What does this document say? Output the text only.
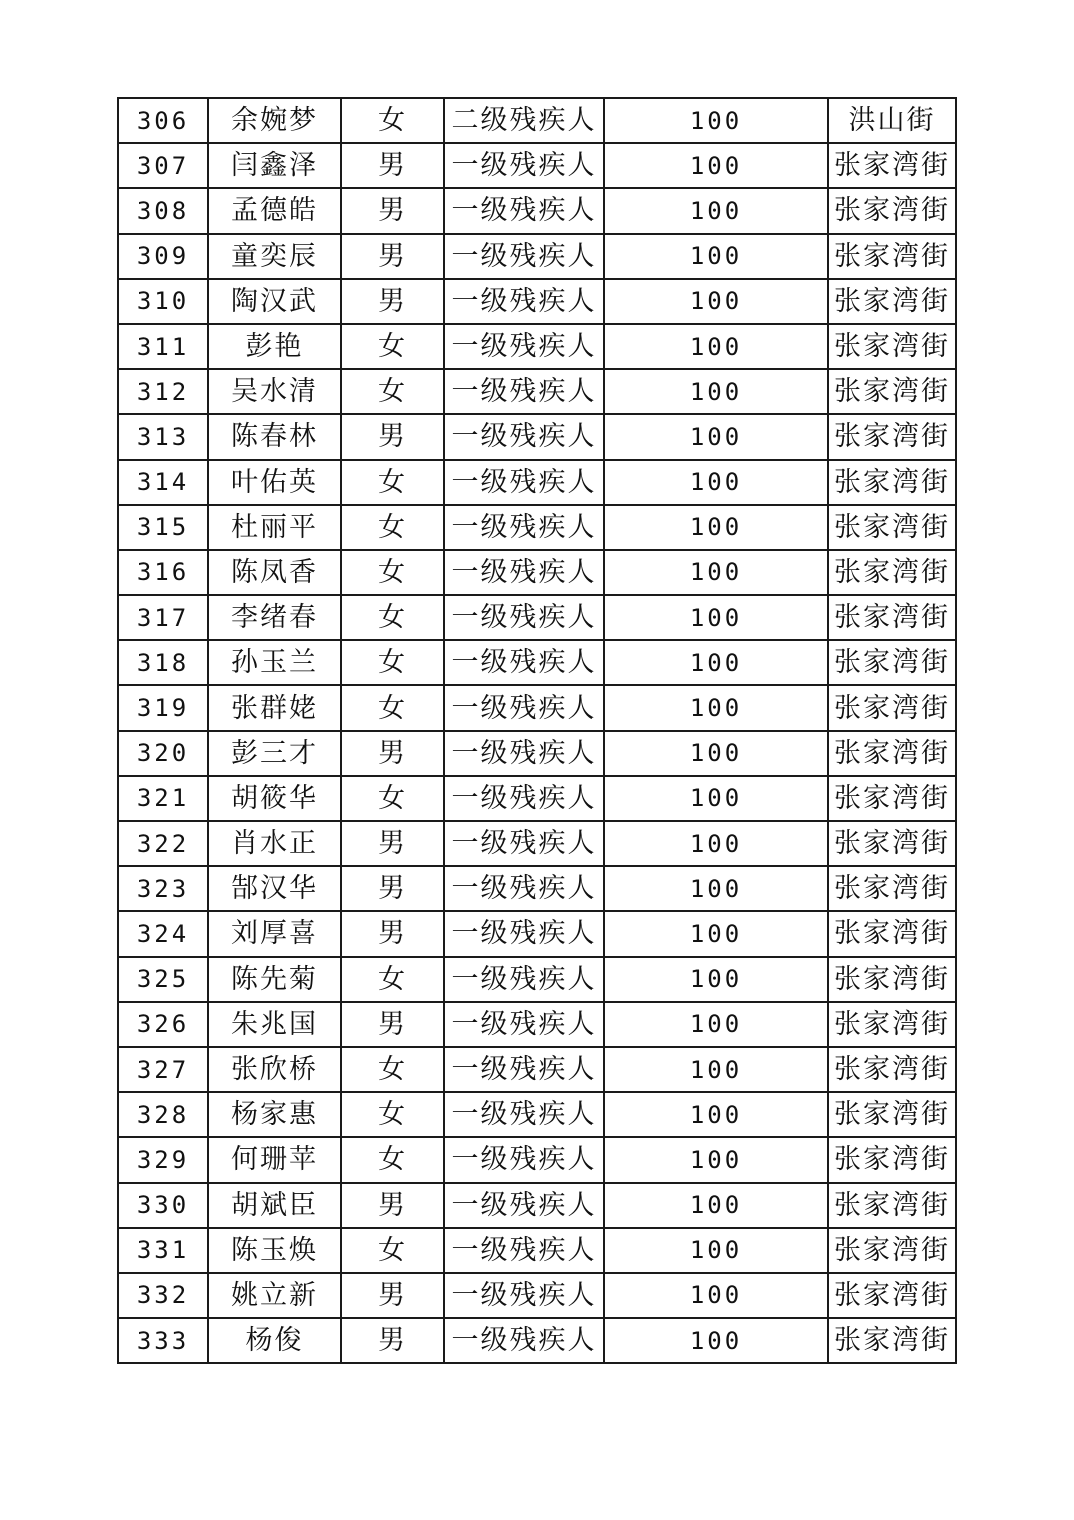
306	余婉梦	女	二级残疾人	100	洪山街
307	闫鑫泽	男	一级残疾人	100	张家湾街
308	孟德皓	男	一级残疾人	100	张家湾街
309	童奕辰	男	一级残疾人	100	张家湾街
310	陶汉武	男	一级残疾人	100	张家湾街
311	彭艳	女	一级残疾人	100	张家湾街
312	吴水清	女	一级残疾人	100	张家湾街
313	陈春林	男	一级残疾人	100	张家湾街
314	叶佑英	女	一级残疾人	100	张家湾街
315	杜丽平	女	一级残疾人	100	张家湾街
316	陈凤香	女	一级残疾人	100	张家湾街
317	李绪春	女	一级残疾人	100	张家湾街
318	孙玉兰	女	一级残疾人	100	张家湾街
319	张群姥	女	一级残疾人	100	张家湾街
320	彭三才	男	一级残疾人	100	张家湾街
321	胡筱华	女	一级残疾人	100	张家湾街
322	肖水正	男	一级残疾人	100	张家湾街
323	郜汉华	男	一级残疾人	100	张家湾街
324	刘厚喜	男	一级残疾人	100	张家湾街
325	陈先菊	女	一级残疾人	100	张家湾街
326	朱兆国	男	一级残疾人	100	张家湾街
327	张欣桥	女	一级残疾人	100	张家湾街
328	杨家惠	女	一级残疾人	100	张家湾街
329	何珊苹	女	一级残疾人	100	张家湾街
330	胡斌臣	男	一级残疾人	100	张家湾街
331	陈玉焕	女	一级残疾人	100	张家湾街
332	姚立新	男	一级残疾人	100	张家湾街
333	杨俊	男	一级残疾人	100	张家湾街
